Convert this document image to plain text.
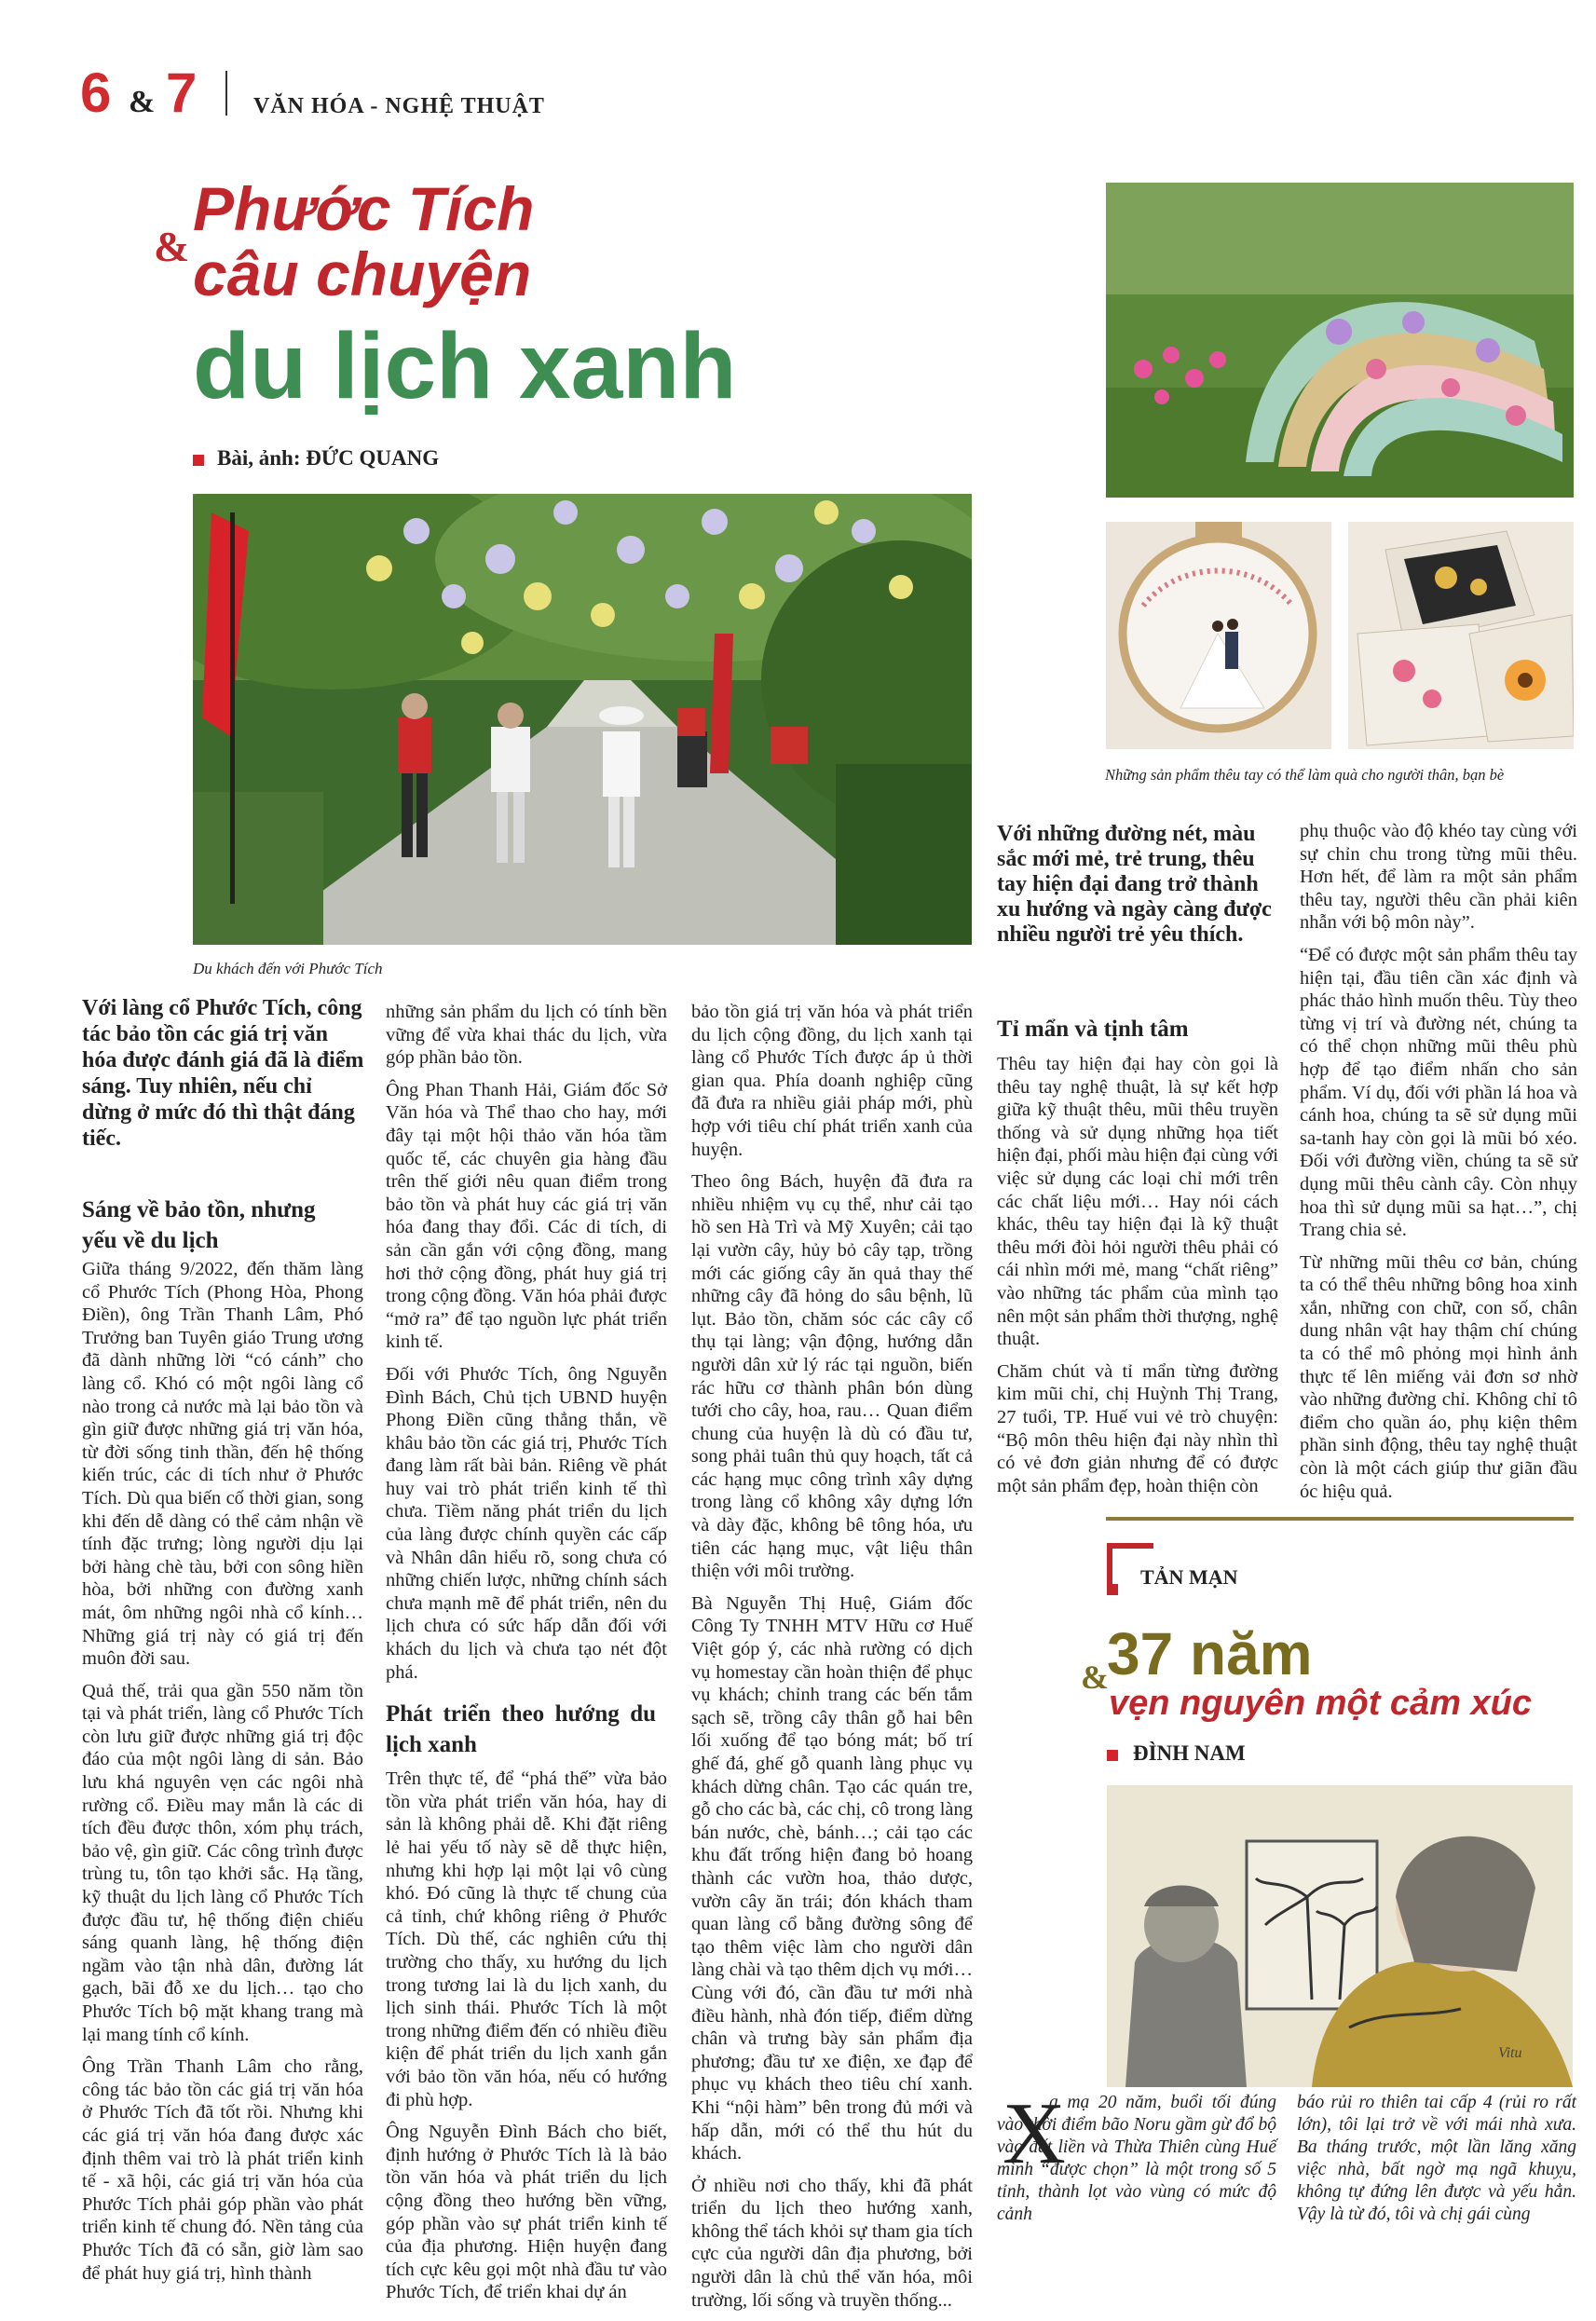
6 & 7	VĂN HÓA - NGHỆ THUẬT
Phước Tích
& câu chuyện
du lịch xanh
Bài, ảnh: ĐỨC QUANG
Du khách đến với Phước Tích
Những sản phẩm thêu tay có thể làm quà cho người thân, bạn bè
Với làng cổ Phước Tích, công tác bảo tồn các giá trị văn hóa được đánh giá đã là điểm sáng. Tuy nhiên, nếu chỉ dừng ở mức đó thì thật đáng tiếc.
Sáng về bảo tồn, nhưng yếu về du lịch

Giữa tháng 9/2022, đến thăm làng cổ Phước Tích (Phong Hòa, Phong Điền), ông Trần Thanh Lâm, Phó Trưởng ban Tuyên giáo Trung ương đã dành những lời “có cánh” cho làng cổ. Khó có một ngôi làng cổ nào trong cả nước mà lại bảo tồn và gìn giữ được những giá trị văn hóa, từ đời sống tinh thần, đến hệ thống kiến trúc, các di tích như ở Phước Tích. Dù qua biến cố thời gian, song khi đến dễ dàng có thể cảm nhận về tính đặc trưng; lòng người dịu lại bởi hàng chè tàu, bởi con sông hiền hòa, bởi những con đường xanh mát, ôm những ngôi nhà cổ kính… Những giá trị này có giá trị đến muôn đời sau.

Quả thế, trải qua gần 550 năm tồn tại và phát triển, làng cổ Phước Tích còn lưu giữ được những giá trị độc đáo của một ngôi làng di sản. Bảo lưu khá nguyên vẹn các ngôi nhà rường cổ. Điều may mắn là các di tích đều được thôn, xóm phụ trách, bảo vệ, gìn giữ. Các công trình được trùng tu, tôn tạo khởi sắc. Hạ tầng, kỹ thuật du lịch làng cổ Phước Tích được đầu tư, hệ thống điện chiếu sáng quanh làng, hệ thống điện ngầm vào tận nhà dân, đường lát gạch, bãi đỗ xe du lịch… tạo cho Phước Tích bộ mặt khang trang mà lại mang tính cổ kính.

Ông Trần Thanh Lâm cho rằng, công tác bảo tồn các giá trị văn hóa ở Phước Tích đã tốt rồi. Nhưng khi các giá trị văn hóa đang được xác định thêm vai trò là phát triển kinh tế - xã hội, các giá trị văn hóa của Phước Tích phải góp phần vào phát triển kinh tế chung đó. Nền tảng của Phước Tích đã có sẵn, giờ làm sao để phát huy giá trị, hình thành

những sản phẩm du lịch có tính bền vững để vừa khai thác du lịch, vừa góp phần bảo tồn.

Ông Phan Thanh Hải, Giám đốc Sở Văn hóa và Thể thao cho hay, mới đây tại một hội thảo văn hóa tầm quốc tế, các chuyên gia hàng đầu trên thế giới nêu quan điểm trong bảo tồn và phát huy các giá trị văn hóa đang thay đổi. Các di tích, di sản cần gắn với cộng đồng, mang hơi thở cộng đồng, phát huy giá trị trong cộng đồng. Văn hóa phải được “mở ra” để tạo nguồn lực phát triển kinh tế.

Đối với Phước Tích, ông Nguyễn Đình Bách, Chủ tịch UBND huyện Phong Điền cũng thẳng thắn, về khâu bảo tồn các giá trị, Phước Tích đang làm rất bài bản. Riêng về phát huy vai trò phát triển kinh tế thì chưa. Tiềm năng phát triển du lịch của làng được chính quyền các cấp và Nhân dân hiểu rõ, song chưa có những chiến lược, những chính sách chưa mạnh mẽ để phát triển, nên du lịch chưa có sức hấp dẫn đối với khách du lịch và chưa tạo nét đột phá.

Phát triển theo hướng du lịch xanh

Trên thực tế, để “phá thế” vừa bảo tồn vừa phát triển văn hóa, hay di sản là không phải dễ. Khi đặt riêng lẻ hai yếu tố này sẽ dễ thực hiện, nhưng khi hợp lại một lại vô cùng khó. Đó cũng là thực tế chung của cả tỉnh, chứ không riêng ở Phước Tích. Dù thế, các nghiên cứu thị trường cho thấy, xu hướng du lịch trong tương lai là du lịch xanh, du lịch sinh thái. Phước Tích là một trong những điểm đến có nhiều điều kiện để phát triển du lịch xanh gắn với bảo tồn văn hóa, nếu có hướng đi phù hợp.

Ông Nguyễn Đình Bách cho biết, định hướng ở Phước Tích là là bảo tồn văn hóa và phát triển du lịch cộng đồng theo hướng bền vững, góp phần vào sự phát triển kinh tế của địa phương. Hiện huyện đang tích cực kêu gọi một nhà đầu tư vào Phước Tích, để triển khai dự án

bảo tồn giá trị văn hóa và phát triển du lịch cộng đồng, du lịch xanh tại làng cổ Phước Tích được áp ủ thời gian qua. Phía doanh nghiệp cũng đã đưa ra nhiều giải pháp mới, phù hợp với tiêu chí phát triển xanh của huyện.

Theo ông Bách, huyện đã đưa ra nhiều nhiệm vụ cụ thể, như cải tạo hồ sen Hà Trì và Mỹ Xuyên; cải tạo lại vườn cây, hủy bỏ cây tạp, trồng mới các giống cây ăn quả thay thế những cây đã hỏng do sâu bệnh, lũ lụt. Bảo tồn, chăm sóc các cây cổ thụ tại làng; vận động, hướng dẫn người dân xử lý rác tại nguồn, biến rác hữu cơ thành phân bón dùng tưới cho cây, hoa, rau… Quan điểm chung của huyện là dù có đầu tư, song phải tuân thủ quy hoạch, tất cả các hạng mục công trình xây dựng trong làng cổ không xây dựng lớn và dày đặc, không bê tông hóa, ưu tiên các hạng mục, vật liệu thân thiện với môi trường.

Bà Nguyễn Thị Huệ, Giám đốc Công Ty TNHH MTV Hữu cơ Huế Việt góp ý, các nhà rường có dịch vụ homestay cần hoàn thiện để phục vụ khách; chỉnh trang các bến tắm sạch sẽ, trồng cây thân gỗ hai bên lối xuống để tạo bóng mát; bố trí ghế đá, ghế gỗ quanh làng phục vụ khách dừng chân. Tạo các quán tre, gỗ cho các bà, các chị, cô trong làng bán nước, chè, bánh…; cải tạo các khu đất trống hiện đang bỏ hoang thành các vườn hoa, thảo dược, vườn cây ăn trái; đón khách tham quan làng cổ bằng đường sông để tạo thêm việc làm cho người dân làng chài và tạo thêm dịch vụ mới… Cùng với đó, cần đầu tư mới nhà điều hành, nhà đón tiếp, điểm dừng chân và trưng bày sản phẩm địa phương; đầu tư xe điện, xe đạp để phục vụ khách theo tiêu chí xanh. Khi “nội hàm” bên trong đủ mới và hấp dẫn, mới có thể thu hút du khách.

Ở nhiều nơi cho thấy, khi đã phát triển du lịch theo hướng xanh, không thể tách khỏi sự tham gia tích cực của người dân địa phương, bởi người dân là chủ thể văn hóa, môi trường, lối sống và truyền thống...

Với những đường nét, màu sắc mới mẻ, trẻ trung, thêu tay hiện đại đang trở thành xu hướng và ngày càng được nhiều người trẻ yêu thích.
Tỉ mẩn và tịnh tâm

Thêu tay hiện đại hay còn gọi là thêu tay nghệ thuật, là sự kết hợp giữa kỹ thuật thêu, mũi thêu truyền thống và sử dụng những họa tiết hiện đại, phối màu hiện đại cùng với việc sử dụng các loại chỉ mới trên các chất liệu mới… Hay nói cách khác, thêu tay hiện đại là kỹ thuật thêu mới đòi hỏi người thêu phải có cái nhìn mới mẻ, mang “chất riêng” vào những tác phẩm của mình tạo nên một sản phẩm thời thượng, nghệ thuật.

Chăm chút và tỉ mẩn từng đường kim mũi chỉ, chị Huỳnh Thị Trang, 27 tuổi, TP. Huế vui vẻ trò chuyện: “Bộ môn thêu hiện đại này nhìn thì có vẻ đơn giản nhưng để có được một sản phẩm đẹp, hoàn thiện còn

phụ thuộc vào độ khéo tay cùng với sự chỉn chu trong từng mũi thêu. Hơn hết, để làm ra một sản phẩm thêu tay, người thêu cần phải kiên nhẫn với bộ môn này”.

“Để có được một sản phẩm thêu tay hiện tại, đầu tiên cần xác định và phác thảo hình muốn thêu. Tùy theo từng vị trí và đường nét, chúng ta có thể chọn những mũi thêu phù hợp để tạo điểm nhấn cho sản phẩm. Ví dụ, đối với phần lá hoa và cánh hoa, chúng ta sẽ sử dụng mũi sa-tanh hay còn gọi là mũi bó xéo. Đối với đường viền, chúng ta sẽ sử dụng mũi thêu cành cây. Còn nhụy hoa thì sử dụng mũi sa hạt…”, chị Trang chia sẻ.

Từ những mũi thêu cơ bản, chúng ta có thể thêu những bông hoa xinh xắn, những con chữ, con số, chân dung nhân vật hay thậm chí chúng ta có thể mô phỏng mọi hình ảnh thực tế lên miếng vải đơn sơ nhờ vào những đường chỉ. Không chỉ tô điểm cho quần áo, phụ kiện thêm phần sinh động, thêu tay nghệ thuật còn là một cách giúp thư giãn đầu óc hiệu quả.

TẢN MẠN
37 năm
&
vẹn nguyên một cảm xúc
ĐÌNH NAM
Vitu
X
a mạ 20 năm, buổi tối đúng vào thời điểm bão Noru gầm gừ đổ bộ vào đất liền và Thừa Thiên cùng Huế mình “được chọn” là một trong số 5 tỉnh, thành lọt vào vùng có mức độ cảnh
báo rủi ro thiên tai cấp 4 (rủi ro rất lớn), tôi lại trở về với mái nhà xưa. Ba tháng trước, một lần lăng xăng việc nhà, bất ngờ mạ ngã khuỵu, không tự đứng lên được và yếu hẳn. Vậy là từ đó, tôi và chị gái cùng
